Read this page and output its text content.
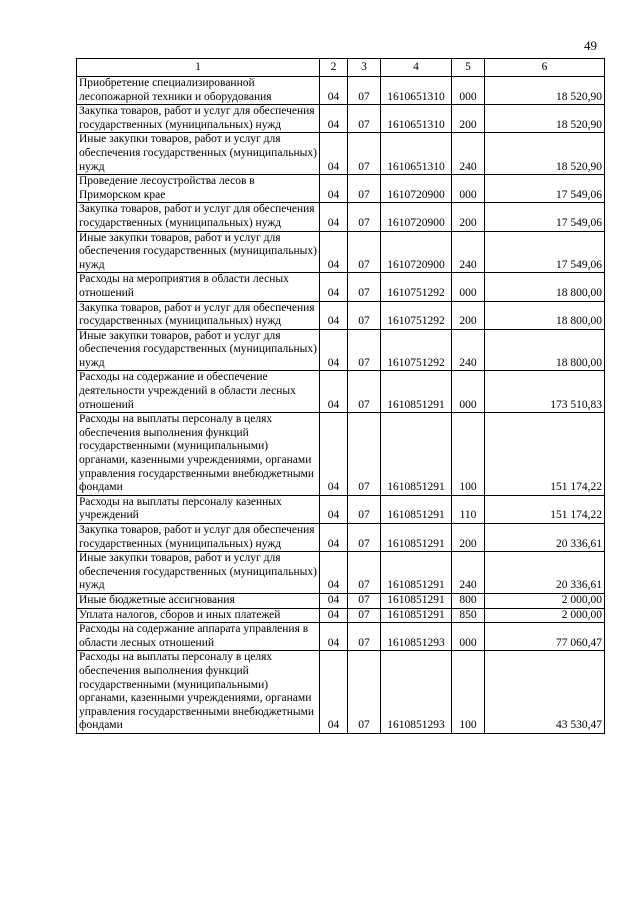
49
1	2	3	4	5	6
Приобретение специализированной лесопожарной техники и оборудования	04	07	1610651310	000	18 520,90
Закупка товаров, работ и услуг для обеспечения государственных (муниципальных) нужд	04	07	1610651310	200	18 520,90
Иные закупки товаров, работ и услуг для обеспечения государственных (муниципальных) нужд	04	07	1610651310	240	18 520,90
Проведение лесоустройства лесов в Приморском крае	04	07	1610720900	000	17 549,06
Закупка товаров, работ и услуг для обеспечения государственных (муниципальных) нужд	04	07	1610720900	200	17 549,06
Иные закупки товаров, работ и услуг для обеспечения государственных (муниципальных) нужд	04	07	1610720900	240	17 549,06
Расходы на мероприятия в области лесных отношений	04	07	1610751292	000	18 800,00
Закупка товаров, работ и услуг для обеспечения государственных (муниципальных) нужд	04	07	1610751292	200	18 800,00
Иные закупки товаров, работ и услуг для обеспечения государственных (муниципальных) нужд	04	07	1610751292	240	18 800,00
Расходы на содержание и обеспечение деятельности учреждений в области лесных отношений	04	07	1610851291	000	173 510,83
Расходы на выплаты персоналу в целях обеспечения выполнения функций государственными (муниципальными) органами, казенными учреждениями, органами управления государственными внебюджетными фондами	04	07	1610851291	100	151 174,22
Расходы на выплаты персоналу казенных учреждений	04	07	1610851291	110	151 174,22
Закупка товаров, работ и услуг для обеспечения государственных (муниципальных) нужд	04	07	1610851291	200	20 336,61
Иные закупки товаров, работ и услуг для обеспечения государственных (муниципальных) нужд	04	07	1610851291	240	20 336,61
Иные бюджетные ассигнования	04	07	1610851291	800	2 000,00
Уплата налогов, сборов и иных платежей	04	07	1610851291	850	2 000,00
Расходы на содержание аппарата управления в области лесных отношений	04	07	1610851293	000	77 060,47
Расходы на выплаты персоналу в целях обеспечения выполнения функций государственными (муниципальными) органами, казенными учреждениями, органами управления государственными внебюджетными фондами	04	07	1610851293	100	43 530,47
